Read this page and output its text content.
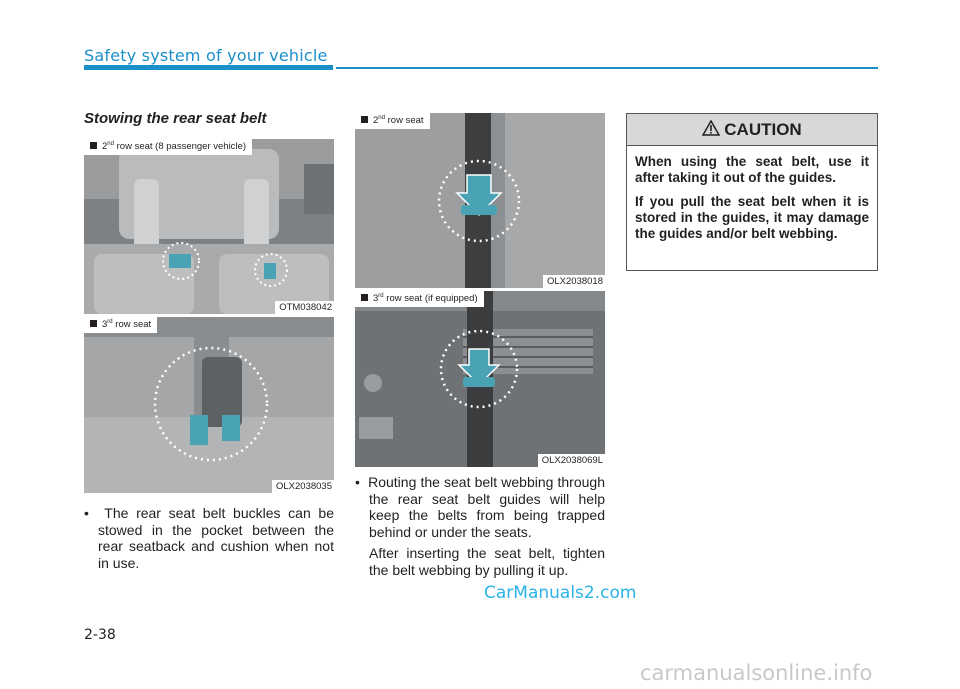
Safety system of your vehicle
Stowing the rear seat belt
2nd row seat (8 passenger vehicle)
OTM038042
3rd row seat
OLX2038035
2nd row seat
OLX2038018
3rd row seat (if equipped)
OLX2038069L

•  The rear seat belt buckles can be stowed in the pocket between the rear seatback and cushion when not in use.

•  Routing the seat belt webbing through the rear seat belt guides will help keep the belts from being trapped behind or under the seats.

After inserting the seat belt, tighten the belt webbing by pulling it up.

CAUTION

When using the seat belt, use it after taking it out of the guides.

If you pull the seat belt when it is stored in the guides, it may damage the guides and/or belt webbing.

CarManuals2.com
2-38
carmanualsonline.info
